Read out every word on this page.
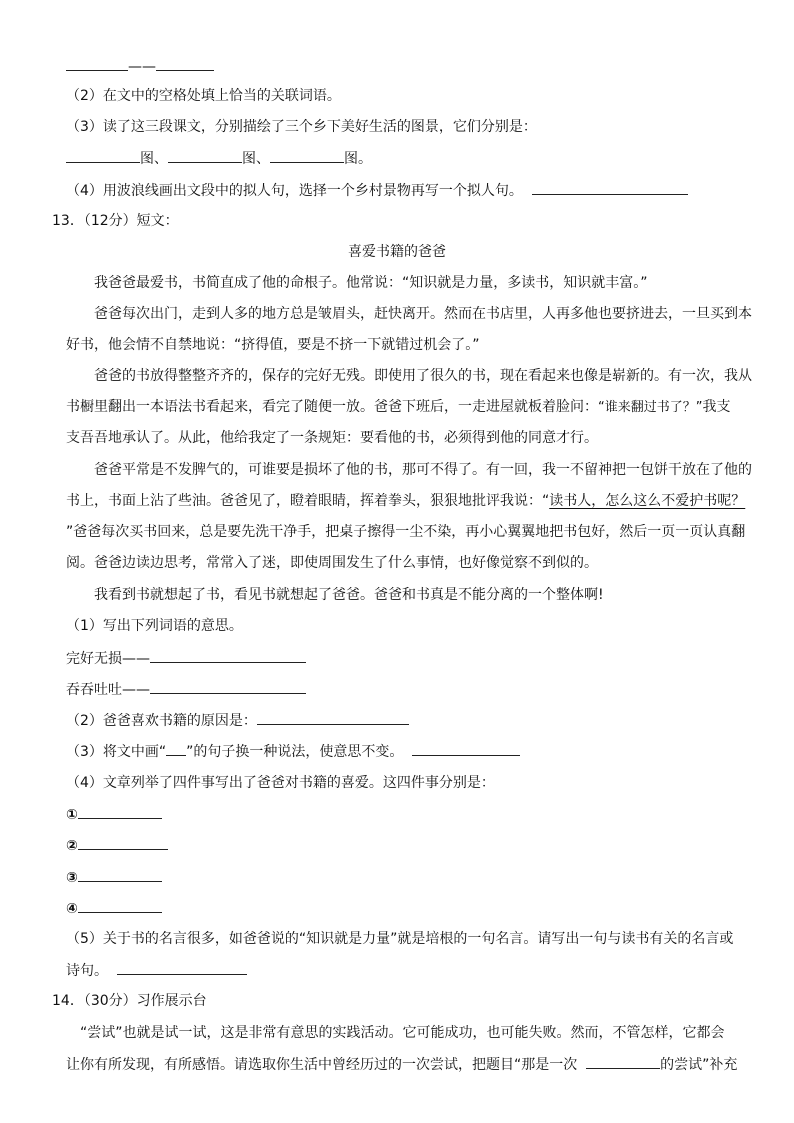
——
（2）在文中的空格处填上恰当的关联词语。
（3）读了这三段课文，分别描绘了三个乡下美好生活的图景，它们分别是：
图、	图、	图。
（4）用波浪线画出文段中的拟人句，选择一个乡村景物再写一个拟人句。
13．（12分）短文：
喜爱书籍的爸爸
我爸爸最爱书，书简直成了他的命根子。他常说：“知识就是力量，多读书，知识就丰富。”
爸爸每次出门，走到人多的地方总是皱眉头，赶快离开。然而在书店里，人再多他也要挤进去，一旦买到本
好书，他会情不自禁地说：“挤得值，要是不挤一下就错过机会了。”
爸爸的书放得整整齐齐的，保存的完好无残。即使用了很久的书，现在看起来也像是崭新的。有一次，我从
书橱里翻出一本语法书看起来，看完了随便一放。爸爸下班后，一走进屋就板着脸问：“谁来翻过书了？”我支
支吾吾地承认了。从此，他给我定了一条规矩：要看他的书，必须得到他的同意才行。
爸爸平常是不发脾气的，可谁要是损坏了他的书，那可不得了。有一回，我一不留神把一包饼干放在了他的
书上，书面上沾了些油。爸爸见了，瞪着眼睛，挥着拳头，狠狠地批评我说：“读书人，怎么这么不爱护书呢？
”爸爸每次买书回来，总是要先洗干净手，把桌子擦得一尘不染，再小心翼翼地把书包好，然后一页一页认真翻
阅。爸爸边读边思考，常常入了迷，即使周围发生了什么事情，也好像觉察不到似的。
我看到书就想起了书，看见书就想起了爸爸。爸爸和书真是不能分离的一个整体啊!
（1）写出下列词语的意思。
完好无损——
吞吞吐吐——
（2）爸爸喜欢书籍的原因是：
（3）将文中画“ ”的句子换一种说法，使意思不变。
（4）文章列举了四件事写出了爸爸对书籍的喜爱。这四件事分别是：
①
②
③
④
（5）关于书的名言很多，如爸爸说的“知识就是力量”就是培根的一句名言。请写出一句与读书有关的名言或
诗句。
14．（30分）习作展示台
“尝试”也就是试一试，这是非常有意思的实践活动。它可能成功，也可能失败。然而，不管怎样，它都会
让你有所发现，有所感悟。请选取你生活中曾经历过的一次尝试，把题目“那是一次	的尝试”补充
